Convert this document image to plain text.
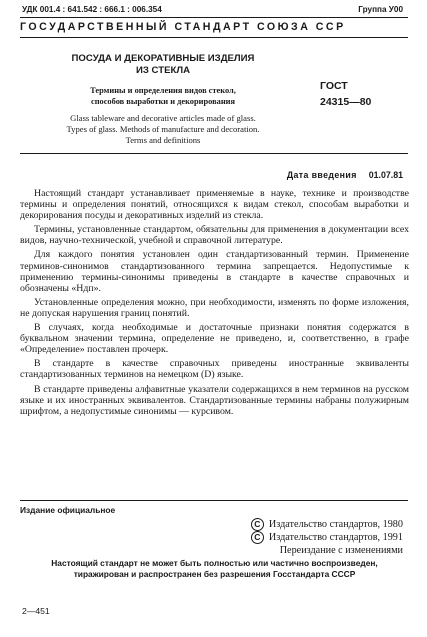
УДК 001.4 : 641.542 : 666.1 : 006.354	Группа У00
ГОСУДАРСТВЕННЫЙ СТАНДАРТ СОЮЗА ССР
ПОСУДА И ДЕКОРАТИВНЫЕ ИЗДЕЛИЯ
ИЗ СТЕКЛА
Термины и определения видов стекол,
способов выработки и декорирования
Glass tableware and decorative articles made of glass.
Types of glass. Methods of manufacture and decoration.
Terms and definitions
ГОСТ
24315—80
Дата введения 01.07.81

Настоящий стандарт устанавливает применяемые в науке, технике и производстве термины и определения понятий, относящихся к видам стекол, способам выработки и декорирования посуды и декоративных изделий из стекла.

Термины, установленные стандартом, обязательны для применения в документации всех видов, научно-технической, учебной и справочной литературе.

Для каждого понятия установлен один стандартизованный термин. Применение терминов-синонимов стандартизованного термина запрещается. Недопустимые к применению термины-синонимы приведены в стандарте в качестве справочных и обозначены «Ндп».

Установленные определения можно, при необходимости, изменять по форме изложения, не допуская нарушения границ понятий.

В случаях, когда необходимые и достаточные признаки понятия содержатся в буквальном значении термина, определение не приведено, и, соответственно, в графе «Определение» поставлен прочерк.

В стандарте в качестве справочных приведены иностранные эквиваленты стандартизованных терминов на немецком (D) языке.

В стандарте приведены алфавитные указатели содержащихся в нем терминов на русском языке и их иностранных эквивалентов. Стандартизованные термины набраны полужирным шрифтом, а недопустимые синонимы — курсивом.

Издание официальное
С Издательство стандартов, 1980
С Издательство стандартов, 1991
Переиздание с изменениями
Настоящий стандарт не может быть полностью или частично воспроизведен,
тиражирован и распространен без разрешения Госстандарта СССР
2—451
